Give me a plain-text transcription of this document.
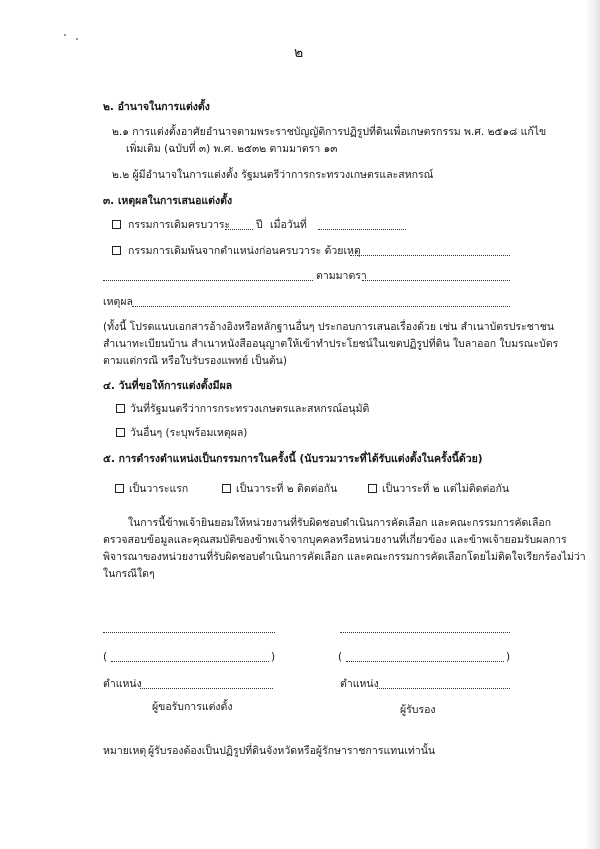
๒
๒. อำนาจในการแต่งตั้ง
๒.๑ การแต่งตั้งอาศัยอำนาจตามพระราชบัญญัติการปฏิรูปที่ดินเพื่อเกษตรกรรม พ.ศ. ๒๕๑๘ แก้ไข
เพิ่มเติม (ฉบับที่ ๓) พ.ศ. ๒๕๓๒ ตามมาตรา ๑๓
๒.๒ ผู้มีอำนาจในการแต่งตั้ง รัฐมนตรีว่าการกระทรวงเกษตรและสหกรณ์
๓. เหตุผลในการเสนอแต่งตั้ง
กรรมการเดิมครบวาระ ปี เมื่อวันที่
กรรมการเดิมพ้นจากตำแหน่งก่อนครบวาระ ด้วยเหตุ
ตามมาตรา
เหตุผล
(ทั้งนี้ โปรดแนบเอกสารอ้างอิงหรือหลักฐานอื่นๆ ประกอบการเสนอเรื่องด้วย เช่น สำเนาบัตรประชาชน
สำเนาทะเบียนบ้าน สำเนาหนังสืออนุญาตให้เข้าทำประโยชน์ในเขตปฏิรูปที่ดิน ใบลาออก ใบมรณะบัตร
ตามแต่กรณี หรือใบรับรองแพทย์ เป็นต้น)
๔. วันที่ขอให้การแต่งตั้งมีผล
วันที่รัฐมนตรีว่าการกระทรวงเกษตรและสหกรณ์อนุมัติ
วันอื่นๆ (ระบุพร้อมเหตุผล)
๕. การดำรงตำแหน่งเป็นกรรมการในครั้งนี้ (นับรวมวาระที่ได้รับแต่งตั้งในครั้งนี้ด้วย)
เป็นวาระแรก	เป็นวาระที่ ๒ ติดต่อกัน	เป็นวาระที่ ๒ แต่ไม่ติดต่อกัน
ในการนี้ข้าพเจ้ายินยอมให้หน่วยงานที่รับผิดชอบดำเนินการคัดเลือก และคณะกรรมการคัดเลือก
ตรวจสอบข้อมูลและคุณสมบัติของข้าพเจ้าจากบุคคลหรือหน่วยงานที่เกี่ยวข้อง และข้าพเจ้ายอมรับผลการ
พิจารณาของหน่วยงานที่รับผิดชอบดำเนินการคัดเลือก และคณะกรรมการคัดเลือกโดยไม่ติดใจเรียกร้องไม่ว่า
ในกรณีใดๆ
(	)	(	)
ตำแหน่ง	ตำแหน่ง
ผู้ขอรับการแต่งตั้ง	ผู้รับรอง
หมายเหตุ ผู้รับรองต้องเป็นปฏิรูปที่ดินจังหวัดหรือผู้รักษาราชการแทนเท่านั้น
